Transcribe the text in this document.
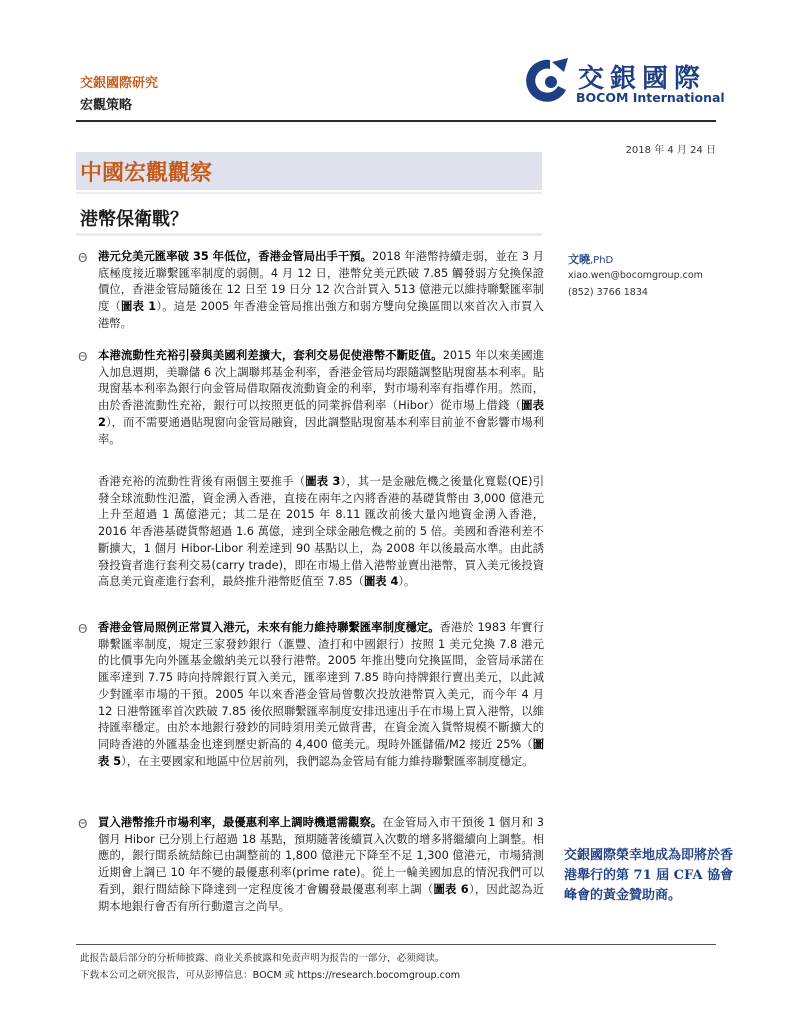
交銀國際研究
宏觀策略
交銀國際
BOCOM International
2018 年 4 月 24 日
中國宏觀觀察
港幣保衛戰？
Θ 港元兌美元匯率破 35 年低位，香港金管局出手干預。2018 年港幣持續走弱，並在 3 月底極度接近聯繫匯率制度的弱側。4 月 12 日，港幣兌美元跌破 7.85 觸發弱方兌換保證價位，香港金管局隨後在 12 日至 19 日分 12 次合計買入 513 億港元以維持聯繫匯率制度（圖表 1）。這是 2005 年香港金管局推出強方和弱方雙向兌換區間以來首次入市買入港幣。
Θ 本港流動性充裕引發與美國利差擴大，套利交易促使港幣不斷貶值。2015 年以來美國進入加息週期，美聯儲 6 次上調聯邦基金利率，香港金管局均跟隨調整貼現窗基本利率。貼現窗基本利率為銀行向金管局借取隔夜流動資金的利率，對市場利率有指導作用。然而，由於香港流動性充裕，銀行可以按照更低的同業拆借利率（Hibor）從市場上借錢（圖表 2），而不需要通過貼現窗向金管局融資，因此調整貼現窗基本利率目前並不會影響市場利率。
香港充裕的流動性背後有兩個主要推手（圖表 3），其一是金融危機之後量化寬鬆(QE)引發全球流動性氾濫，資金湧入香港，直接在兩年之內將香港的基礎貨幣由 3,000 億港元上升至超過 1 萬億港元；其二是在 2015 年 8.11 匯改前後大量內地資金湧入香港，2016 年香港基礎貨幣超過 1.6 萬億，達到全球金融危機之前的 5 倍。美國和香港利差不斷擴大，1 個月 Hibor-Libor 利差達到 90 基點以上，為 2008 年以後最高水準。由此誘發投資者進行套利交易(carry trade)，即在市場上借入港幣並賣出港幣，買入美元後投資高息美元資產進行套利，最終推升港幣貶值至 7.85（圖表 4）。
Θ 香港金管局照例正常買入港元，未來有能力維持聯繫匯率制度穩定。香港於 1983 年實行聯繫匯率制度，規定三家發鈔銀行（滙豐、渣打和中國銀行）按照 1 美元兌換 7.8 港元的比價事先向外匯基金繳納美元以發行港幣。2005 年推出雙向兌換區間，金管局承諾在匯率達到 7.75 時向持牌銀行買入美元，匯率達到 7.85 時向持牌銀行賣出美元，以此減少對匯率市場的干預。2005 年以來香港金管局曾數次投放港幣買入美元，而今年 4 月 12 日港幣匯率首次跌破 7.85 後依照聯繫匯率制度安排迅速出手在市場上買入港幣，以維持匯率穩定。由於本地銀行發鈔的同時須用美元做背書，在資金流入貨幣規模不斷擴大的同時香港的外匯基金也達到歷史新高的 4,400 億美元。現時外匯儲備/M2 接近 25%（圖表 5），在主要國家和地區中位居前列，我們認為金管局有能力維持聯繫匯率制度穩定。
Θ 買入港幣推升市場利率，最優惠利率上調時機還需觀察。在金管局入市干預後 1 個月和 3 個月 Hibor 已分別上行超過 18 基點，預期隨著後續買入次數的增多將繼續向上調整。相應的，銀行間系統結餘已由調整前的 1,800 億港元下降至不足 1,300 億港元，市場猜測近期會上調已 10 年不變的最優惠利率(prime rate)。從上一輪美國加息的情況我們可以看到，銀行間結餘下降達到一定程度後才會觸發最優惠利率上調（圖表 6），因此認為近期本地銀行會否有所行動還言之尚早。
文曉,PhD
xiao.wen@bocomgroup.com
(852) 3766 1834
交銀國際榮幸地成為即將於香港舉行的第 71 屆 CFA 協會峰會的黃金贊助商。
此报告最后部分的分析师披露、商业关系披露和免责声明为报告的一部分，必须阅读。
下载本公司之研究报告，可从彭博信息：BOCM 或 https://research.bocomgroup.com
